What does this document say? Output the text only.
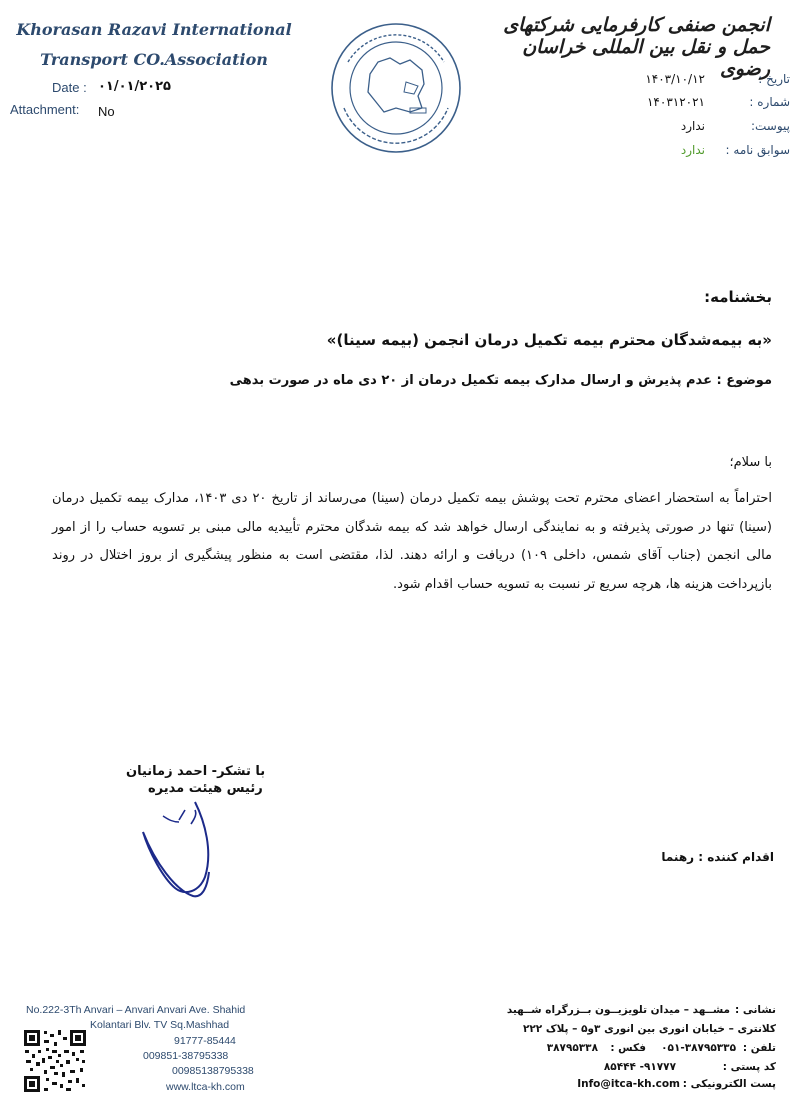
Khorasan Razavi International
Transport CO.Association
Date : ۰۱/۰۱/۲۰۲۵
Attachment: No
انجمن صنفی کارفرمایی شرکتهای حمل و نقل بین المللی خراسان رضوی
تاریخ :
۱۴۰۳/۱۰/۱۲
شماره :
۱۴۰۳۱۲۰۲۱
پیوست:
ندارد
سوابق نامه :
ندارد
بخشنامه:
«به بیمه‌شدگان محترم بیمه تکمیل درمان انجمن (بیمه سینا)»
موضوع : عدم پذیرش و ارسال مدارک بیمه تکمیل درمان از ۲۰ دی ماه در صورت بدهی
با سلام؛
احتراماً به استحضار اعضای محترم تحت پوشش بیمه تکمیل درمان (سینا) می‌رساند از تاریخ ۲۰ دی ۱۴۰۳، مدارک بیمه تکمیل درمان (سینا) تنها در صورتی پذیرفته و به نمایندگی ارسال خواهد شد که بیمه شدگان محترم تأییدیه مالی مبنی بر تسویه حساب را از امور مالی انجمن (جناب آقای شمس، داخلی ۱۰۹) دریافت و ارائه دهند. لذا، مقتضی است به منظور پیشگیری از بروز اختلال در روند بازپرداخت هزینه ها، هرچه سریع تر نسبت به تسویه حساب اقدام شود.
با تشکر- احمد زمانیان
رئیس هیئت مدیره
اقدام کننده : رهنما
No.222-3Th Anvari – Anvari Anvari Ave. Shahid
Kolantari Blv. TV Sq.Mashhad
91777-85444
009851-38795338
00985138795338
www.ltca-kh.com
نشانی :
مشــهد – میدان تلویزیــون بــزرگراه شــهید
کلانتری – خیابان انوری بین انوری ۳و۵ – پلاک ۲۲۲
تلفن :
۰۵۱-۳۸۷۹۵۳۳۵
فکس :
۳۸۷۹۵۳۳۸
کد پستی :
۹۱۷۷۷- ۸۵۴۴۴
پست الکترونیکی :
Info@itca-kh.com
